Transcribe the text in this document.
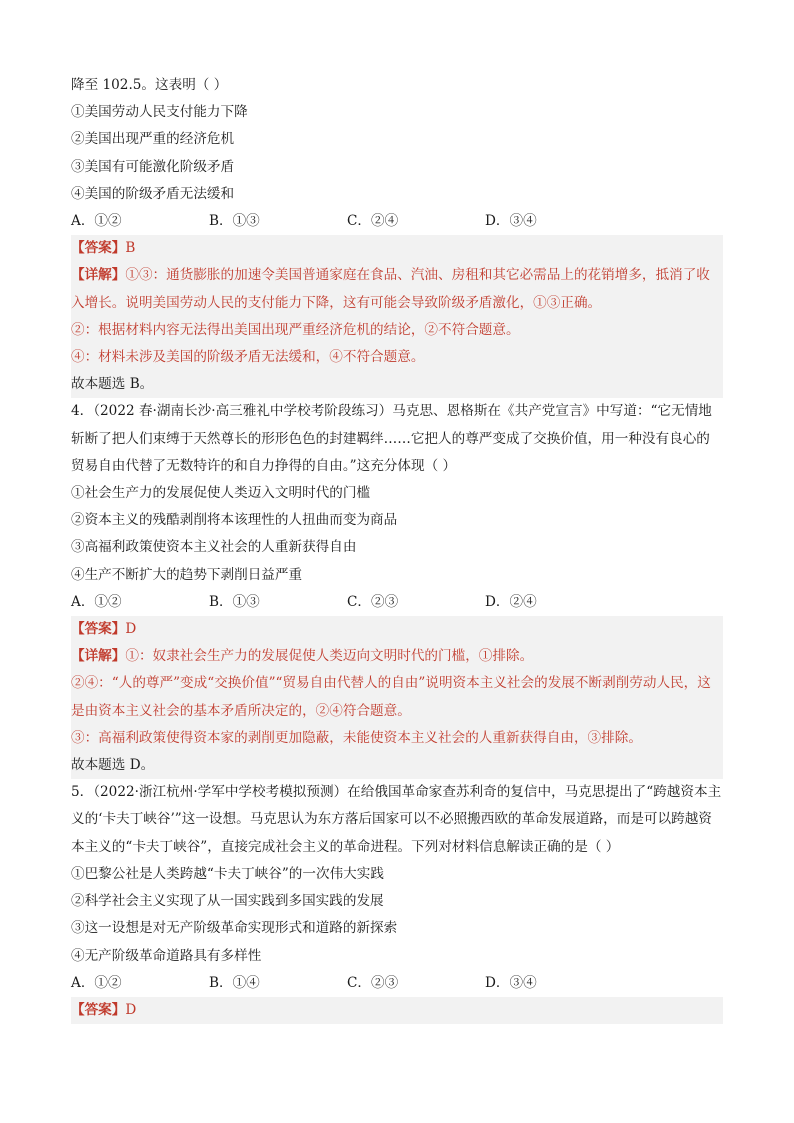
降至 102.5。这表明（ ）
①美国劳动人民支付能力下降
②美国出现严重的经济危机
③美国有可能激化阶级矛盾
④美国的阶级矛盾无法缓和
A．①②	B．①③	C．②④	D．③④
【答案】B
【详解】①③：通货膨胀的加速令美国普通家庭在食品、汽油、房租和其它必需品上的花销增多，抵消了收入增长。说明美国劳动人民的支付能力下降，这有可能会导致阶级矛盾激化，①③正确。
②：根据材料内容无法得出美国出现严重经济危机的结论，②不符合题意。
④：材料未涉及美国的阶级矛盾无法缓和，④不符合题意。
故本题选 B。
4．（2022 春·湖南长沙·高三雅礼中学校考阶段练习）马克思、恩格斯在《共产党宣言》中写道：“它无情地斩断了把人们束缚于天然尊长的形形色色的封建羁绊……它把人的尊严变成了交换价值，用一种没有良心的贸易自由代替了无数特许的和自力挣得的自由。”这充分体现（ ）
①社会生产力的发展促使人类迈入文明时代的门槛
②资本主义的残酷剥削将本该理性的人扭曲而变为商品
③高福利政策使资本主义社会的人重新获得自由
④生产不断扩大的趋势下剥削日益严重
A．①②	B．①③	C．②③	D．②④
【答案】D
【详解】①：奴隶社会生产力的发展促使人类迈向文明时代的门槛，①排除。
②④：“人的尊严”变成“交换价值”“贸易自由代替人的自由”说明资本主义社会的发展不断剥削劳动人民，这是由资本主义社会的基本矛盾所决定的，②④符合题意。
③：高福利政策使得资本家的剥削更加隐蔽，未能使资本主义社会的人重新获得自由，③排除。
故本题选 D。
5．（2022·浙江杭州·学军中学校考模拟预测）在给俄国革命家查苏利奇的复信中，马克思提出了“跨越资本主义的‘卡夫丁峡谷’”这一设想。马克思认为东方落后国家可以不必照搬西欧的革命发展道路，而是可以跨越资本主义的“卡夫丁峡谷”，直接完成社会主义的革命进程。下列对材料信息解读正确的是（ ）
①巴黎公社是人类跨越“卡夫丁峡谷”的一次伟大实践
②科学社会主义实现了从一国实践到多国实践的发展
③这一设想是对无产阶级革命实现形式和道路的新探索
④无产阶级革命道路具有多样性
A．①②	B．①④	C．②③	D．③④
【答案】D
